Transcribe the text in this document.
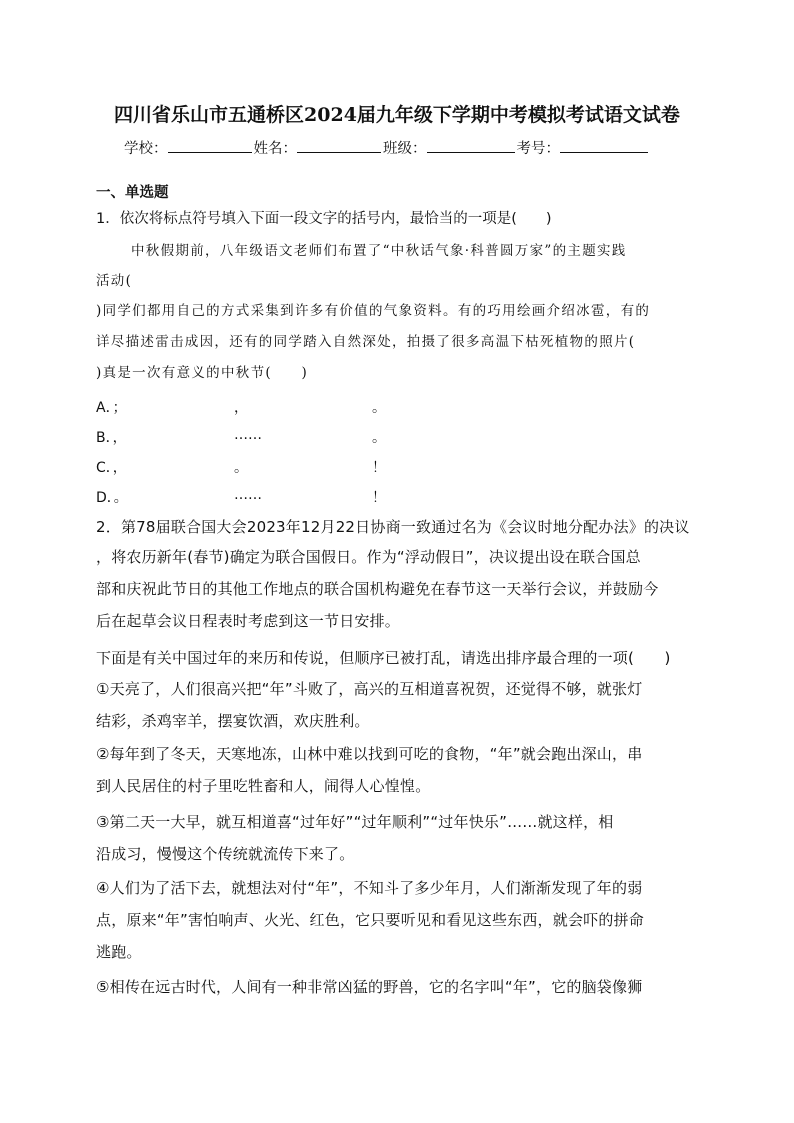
四川省乐山市五通桥区2024届九年级下学期中考模拟考试语文试卷
学校：	姓名：	班级：	考号：
一、单选题
1．依次将标点符号填入下面一段文字的括号内，最恰当的一项是(　　)
中秋假期前，八年级语文老师们布置了“中秋话气象·科普圆万家”的主题实践
活动(
)同学们都用自己的方式采集到许多有价值的气象资料。有的巧用绘画介绍冰雹，有的
详尽描述雷击成因，还有的同学踏入自然深处，拍摄了很多高温下枯死植物的照片(
)真是一次有意义的中秋节(　　)
A．；	，	。
B．，	……	。
C．，	。	！
D．。	……	！
2．第78届联合国大会2023年12月22日协商一致通过名为《会议时地分配办法》的决议
，将农历新年(春节)确定为联合国假日。作为“浮动假日”，决议提出设在联合国总
部和庆祝此节日的其他工作地点的联合国机构避免在春节这一天举行会议，并鼓励今
后在起草会议日程表时考虑到这一节日安排。
下面是有关中国过年的来历和传说，但顺序已被打乱，请选出排序最合理的一项(　　)
①天亮了，人们很高兴把“年”斗败了，高兴的互相道喜祝贺，还觉得不够，就张灯
结彩，杀鸡宰羊，摆宴饮酒，欢庆胜利。
②每年到了冬天，天寒地冻，山林中难以找到可吃的食物，“年”就会跑出深山，串
到人民居住的村子里吃牲畜和人，闹得人心惶惶。
③第二天一大早，就互相道喜“过年好”“过年顺利”“过年快乐”……就这样，相
沿成习，慢慢这个传统就流传下来了。
④人们为了活下去，就想法对付“年”，不知斗了多少年月，人们渐渐发现了年的弱
点，原来“年”害怕响声、火光、红色，它只要听见和看见这些东西，就会吓的拼命
逃跑。
⑤相传在远古时代，人间有一种非常凶猛的野兽，它的名字叫“年”，它的脑袋像狮
